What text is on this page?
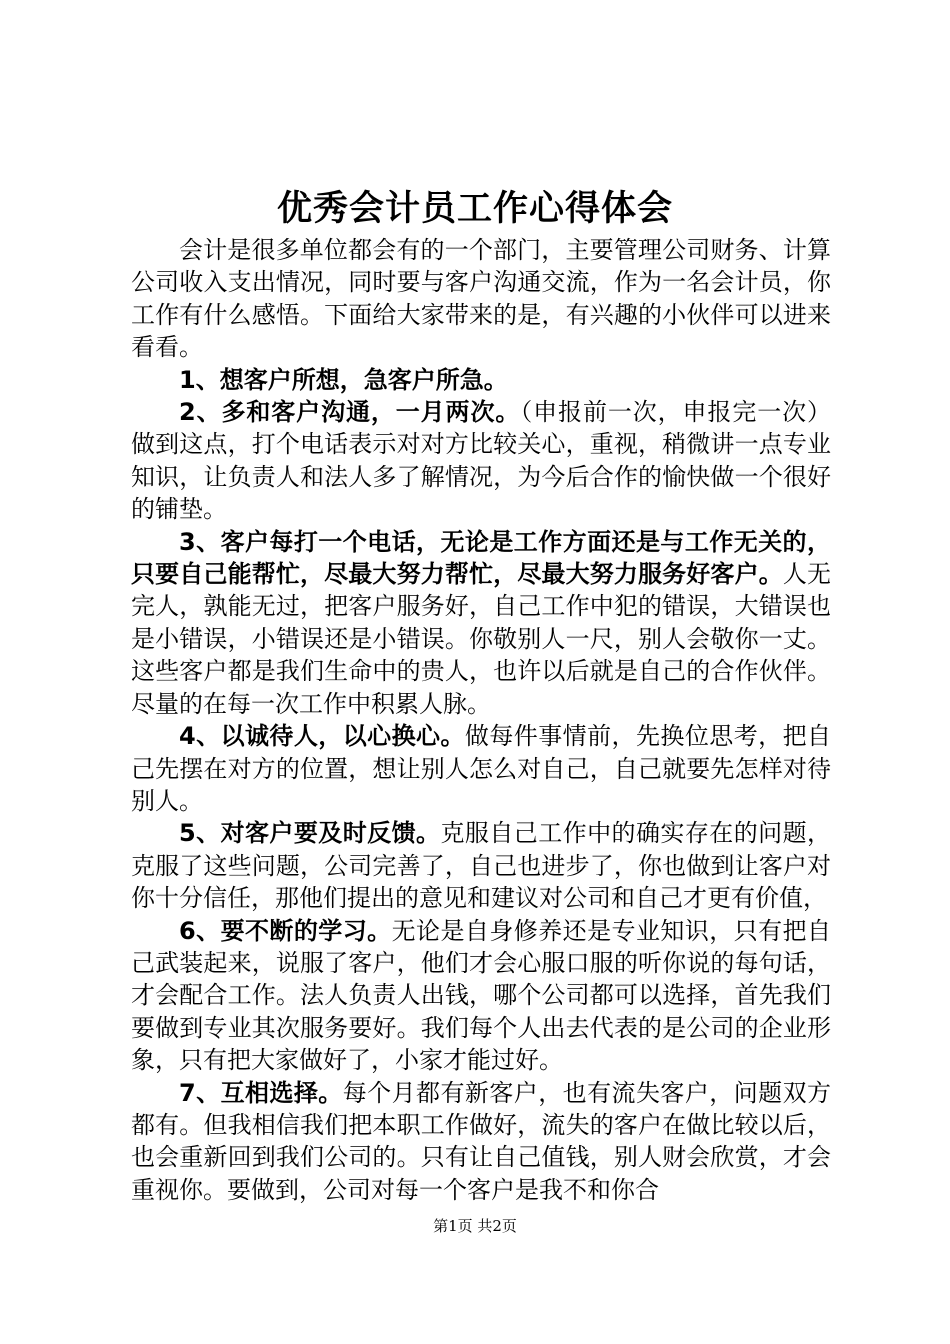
优秀会计员工作心得体会

会计是很多单位都会有的一个部门，主要管理公司财务、计算公司收入支出情况，同时要与客户沟通交流，作为一名会计员，你工作有什么感悟。下面给大家带来的是，有兴趣的小伙伴可以进来看看。

1、想客户所想，急客户所急。

2、多和客户沟通，一月两次。（申报前一次，申报完一次）做到这点，打个电话表示对对方比较关心，重视，稍微讲一点专业知识，让负责人和法人多了解情况，为今后合作的愉快做一个很好的铺垫。

3、客户每打一个电话，无论是工作方面还是与工作无关的，只要自己能帮忙，尽最大努力帮忙，尽最大努力服务好客户。人无完人，孰能无过，把客户服务好，自己工作中犯的错误，大错误也是小错误，小错误还是小错误。你敬别人一尺，别人会敬你一丈。这些客户都是我们生命中的贵人，也许以后就是自己的合作伙伴。尽量的在每一次工作中积累人脉。

4、以诚待人，以心换心。做每件事情前，先换位思考，把自己先摆在对方的位置，想让别人怎么对自己，自己就要先怎样对待别人。

5、对客户要及时反馈。克服自己工作中的确实存在的问题，克服了这些问题，公司完善了，自己也进步了，你也做到让客户对你十分信任，那他们提出的意见和建议对公司和自己才更有价值，

6、要不断的学习。无论是自身修养还是专业知识，只有把自己武装起来，说服了客户，他们才会心服口服的听你说的每句话，才会配合工作。法人负责人出钱，哪个公司都可以选择，首先我们要做到专业其次服务要好。我们每个人出去代表的是公司的企业形象，只有把大家做好了，小家才能过好。

7、互相选择。每个月都有新客户，也有流失客户，问题双方都有。但我相信我们把本职工作做好，流失的客户在做比较以后，也会重新回到我们公司的。只有让自己值钱，别人财会欣赏，才会重视你。要做到，公司对每一个客户是我不和你合

第1页 共2页
